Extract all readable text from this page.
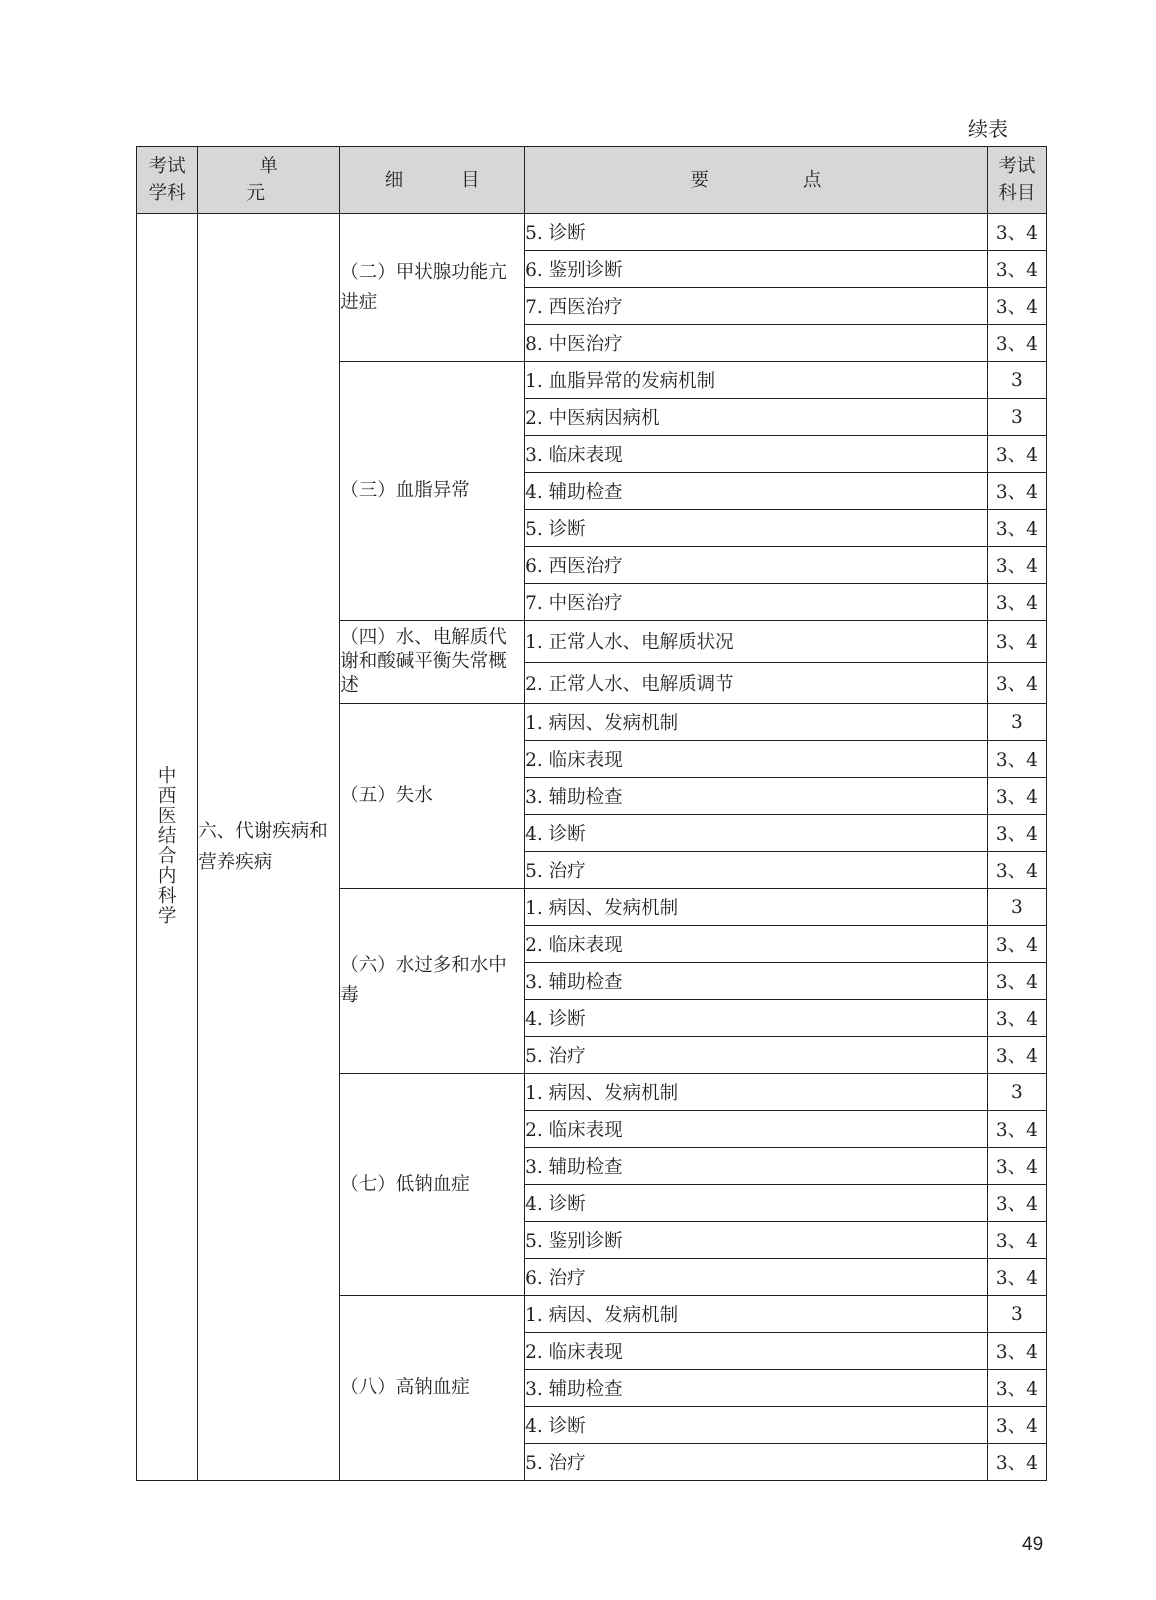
续表
考试学科	单 元	细 目	要 点	考试科目

中西医结合内科学	六、代谢疾病和营养疾病	（二）甲状腺功能亢进症	5. 诊断	3、4
			6. 鉴别诊断	3、4
			7. 西医治疗	3、4
			8. 中医治疗	3、4
		（三）血脂异常	1. 血脂异常的发病机制	3
			2. 中医病因病机	3
			3. 临床表现	3、4
			4. 辅助检查	3、4
			5. 诊断	3、4
			6. 西医治疗	3、4
			7. 中医治疗	3、4
		（四）水、电解质代谢和酸碱平衡失常概述	1. 正常人水、电解质状况	3、4
			2. 正常人水、电解质调节	3、4
		（五）失水	1. 病因、发病机制	3
			2. 临床表现	3、4
			3. 辅助检查	3、4
			4. 诊断	3、4
			5. 治疗	3、4
		（六）水过多和水中毒	1. 病因、发病机制	3
			2. 临床表现	3、4
			3. 辅助检查	3、4
			4. 诊断	3、4
			5. 治疗	3、4
		（七）低钠血症	1. 病因、发病机制	3
			2. 临床表现	3、4
			3. 辅助检查	3、4
			4. 诊断	3、4
			5. 鉴别诊断	3、4
			6. 治疗	3、4
		（八）高钠血症	1. 病因、发病机制	3
			2. 临床表现	3、4
			3. 辅助检查	3、4
			4. 诊断	3、4
			5. 治疗	3、4
49
